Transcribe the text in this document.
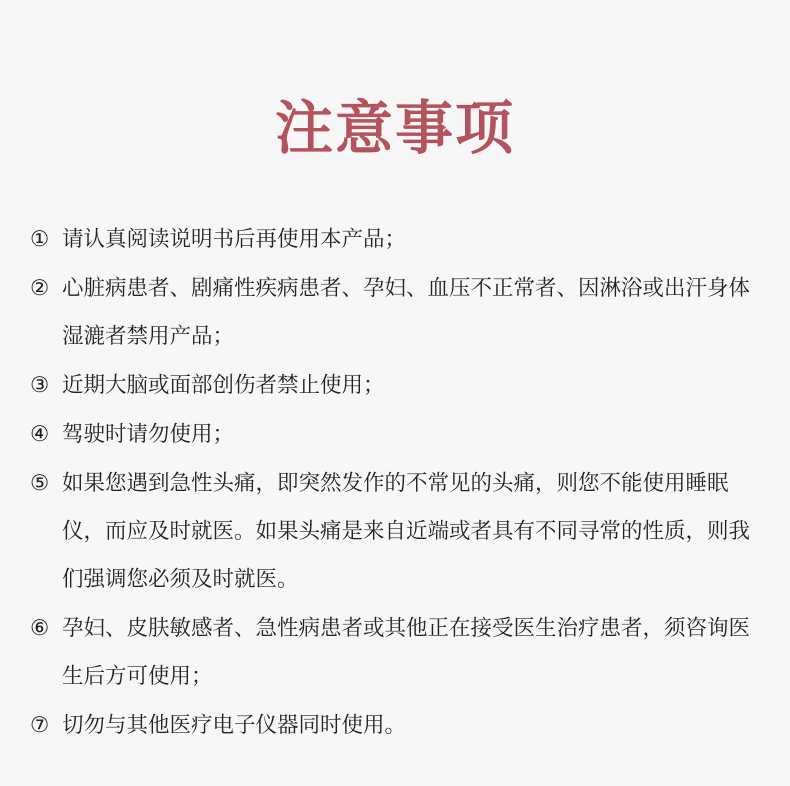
注意事项
① 请认真阅读说明书后再使用本产品；
② 心脏病患者、剧痛性疾病患者、孕妇、血压不正常者、因淋浴或出汗身体湿漉者禁用产品；
③ 近期大脑或面部创伤者禁止使用；
④ 驾驶时请勿使用；
⑤ 如果您遇到急性头痛，即突然发作的不常见的头痛，则您不能使用睡眠仪，而应及时就医。如果头痛是来自近端或者具有不同寻常的性质，则我们强调您必须及时就医。
⑥ 孕妇、皮肤敏感者、急性病患者或其他正在接受医生治疗患者，须咨询医生后方可使用；
⑦ 切勿与其他医疗电子仪器同时使用。
